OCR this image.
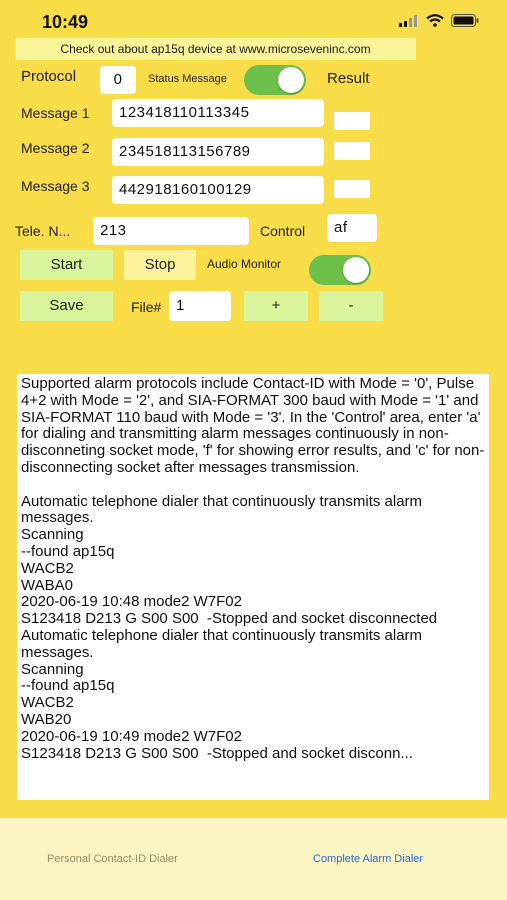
10:49
Check out about ap15q device at www.microseveninc.com
Protocol	0	Status Message	Result
Message 1	123418110113345
Message 2	234518113156789
Message 3	442918160100129
Tele. N...	213	Control	af
Start	Stop	Audio Monitor
Save	File# 1	+	-
Supported alarm protocols include Contact-ID with Mode = '0', Pulse 4+2 with Mode = '2', and SIA-FORMAT 300 baud with Mode = '1' and SIA-FORMAT 110 baud with Mode = '3'. In the 'Control' area, enter 'a' for dialing and transmitting alarm messages continuously in non-disconneting socket mode, 'f' for showing error results, and 'c' for non-disconnecting socket after messages transmission.

Automatic telephone dialer that continuously transmits alarm messages.
Scanning
--found ap15q
WACB2
WABA0
2020-06-19 10:48 mode2 W7F02
S123418 D213 G S00 S00  -Stopped and socket disconnected
Automatic telephone dialer that continuously transmits alarm messages.
Scanning
--found ap15q
WACB2
WAB20
2020-06-19 10:49 mode2 W7F02
S123418 D213 G S00 S00  -Stopped and socket disconn...
Personal Contact-ID Dialer	Complete Alarm Dialer
